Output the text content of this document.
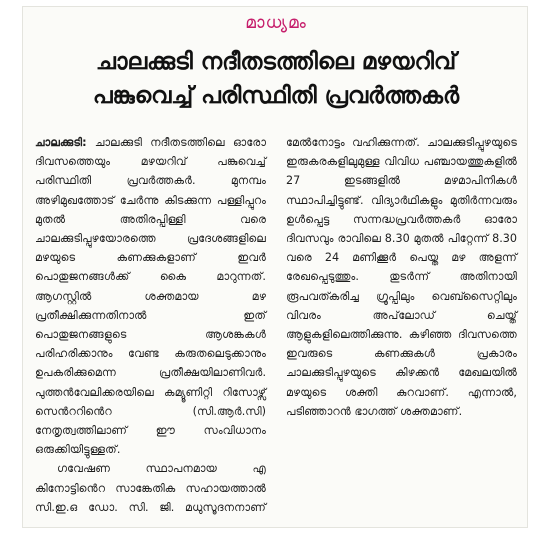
മാധ്യമം
ചാലക്കുടി നദീതടത്തിലെ മഴയറിവ്
പങ്കുവെച്ച് പരിസ്ഥിതി പ്രവർത്തകർ

ചാലക്കുടി: ചാലക്കുടി നദീതടത്തിലെ ഓരോ ദിവസത്തെയും മഴയറിവ് പങ്കുവെച്ച് പരിസ്ഥിതി പ്രവർത്തകർ. മുനമ്പം അഴിമുഖത്തോട് ചേർന്നു കിടക്കുന്ന പള്ളിപ്പുറം മുതൽ അതിരപ്പിള്ളി വരെ ചാലക്കുടിപ്പുഴയോരത്തെ പ്രദേശങ്ങളിലെ മഴയുടെ കണക്കുകളാണ് ഇവർ പൊതുജനങ്ങൾക്ക് കൈ മാറുന്നത്. ആഗസ്റ്റിൽ ശക്തമായ മഴ പ്രതീക്ഷിക്കുന്നതിനാൽ ഇത് പൊതുജനങ്ങളുടെ ആശങ്കകൾ പരിഹരിക്കാനും വേണ്ട കരുതലെടുക്കാനും ഉപകരിക്കുമെന്ന പ്രതീക്ഷയിലാണിവർ. പുത്തൻവേലിക്കരയിലെ കമ്യൂണിറ്റി റിസോഴ്സ് സെൻററിൻെറ (സി.ആർ.സി) നേതൃത്വത്തിലാണ് ഈ സംവിധാനം ഒരുക്കിയിട്ടുള്ളത്.

ഗവേഷണ സ്ഥാപനമായ എ കിനോട്ടിൻെറ സാങ്കേതിക സഹായത്താൽ സി.ഇ.ഒ ഡോ. സി. ജി. മധുസൂദനനാണ് മേൽനോട്ടം വഹിക്കുന്നത്. ചാലക്കുടിപ്പുഴയുടെ ഇരുകരകളിലുമുള്ള വിവിധ പഞ്ചായത്തുകളിൽ 27 ഇടങ്ങളിൽ മഴമാപിനികൾ സ്ഥാപിച്ചിട്ടുണ്ട്. വിദ്യാർഥികളും മുതിർന്നവരും ഉൾപ്പെട്ട സന്നദ്ധപ്രവർത്തകർ ഓരോ ദിവസവും രാവിലെ 8.30 മുതൽ പിറ്റേന്ന് 8.30 വരെ 24 മണിക്കൂർ പെയ്ത മഴ അളന്ന് രേഖപ്പെടുത്തും. തുടർന്ന് അതിനായി രൂപവത്കരിച്ച ഗ്രൂപ്പിലും വെബ്സൈറ്റിലും വിവരം അപ്‌ലോഡ് ചെയ്ത് ആളുകളിലെത്തിക്കുന്നു. കഴിഞ്ഞ ദിവസത്തെ ഇവരുടെ കണക്കുകൾ പ്രകാരം ചാലക്കുടിപ്പുഴയുടെ കിഴക്കൻ മേഖലയിൽ മഴയുടെ ശക്തി കുറവാണ്. എന്നാൽ, പടിഞ്ഞാറൻ ഭാഗത്ത് ശക്തമാണ്.
